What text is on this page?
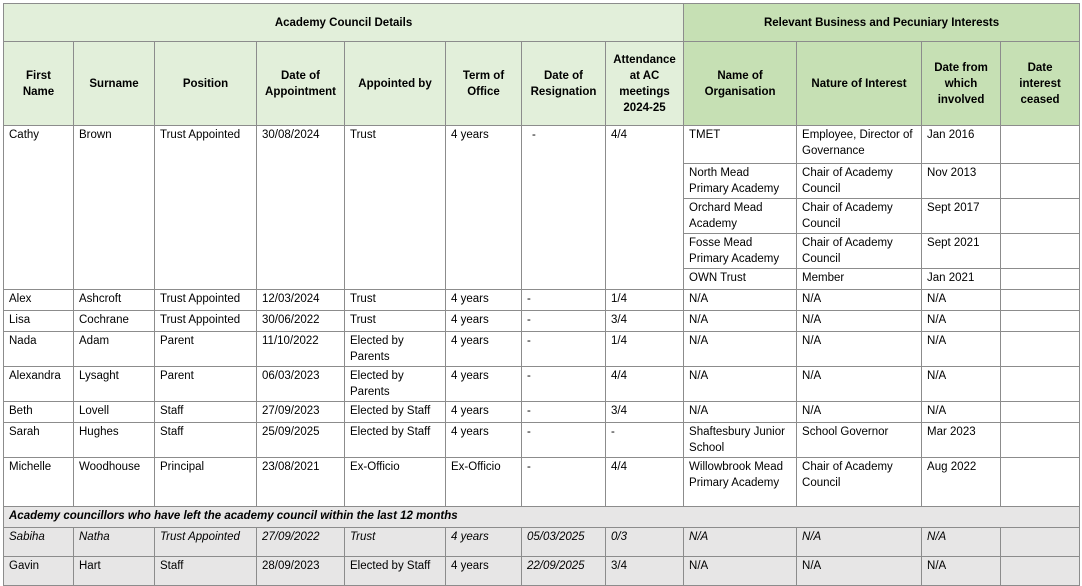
Academy Council Details								Relevant Business and Pecuniary Interests			
First Name	Surname	Position	Date of Appointment	Appointed by	Term of Office	Date of Resignation	Attendance at AC meetings 2024-25	Name of Organisation	Nature of Interest	Date from which involved	Date interest ceased
Cathy	Brown	Trust Appointed	30/08/2024	Trust	4 years	-	4/4	TMET	Employee, Director of Governance	Jan 2016	
								North Mead Primary Academy	Chair of Academy Council	Nov 2013	
								Orchard Mead Academy	Chair of Academy Council	Sept 2017	
								Fosse Mead Primary Academy	Chair of Academy Council	Sept 2021	
								OWN Trust	Member	Jan 2021	
Alex	Ashcroft	Trust Appointed	12/03/2024	Trust	4 years	-	1/4	N/A	N/A	N/A	
Lisa	Cochrane	Trust Appointed	30/06/2022	Trust	4 years	-	3/4	N/A	N/A	N/A	
Nada	Adam	Parent	11/10/2022	Elected by Parents	4 years	-	1/4	N/A	N/A	N/A	
Alexandra	Lysaght	Parent	06/03/2023	Elected by Parents	4 years	-	4/4	N/A	N/A	N/A	
Beth	Lovell	Staff	27/09/2023	Elected by Staff	4 years	-	3/4	N/A	N/A	N/A	
Sarah	Hughes	Staff	25/09/2025	Elected by Staff	4 years	-	-	Shaftesbury Junior School	School Governor	Mar 2023	
Michelle	Woodhouse	Principal	23/08/2021	Ex-Officio	Ex-Officio	-	4/4	Willowbrook Mead Primary Academy	Chair of Academy Council	Aug 2022	
Academy councillors who have left the academy council within the last 12 months											
Sabiha	Natha	Trust Appointed	27/09/2022	Trust	4 years	05/03/2025	0/3	N/A	N/A	N/A	
Gavin	Hart	Staff	28/09/2023	Elected by Staff	4 years	22/09/2025	3/4	N/A	N/A	N/A	
